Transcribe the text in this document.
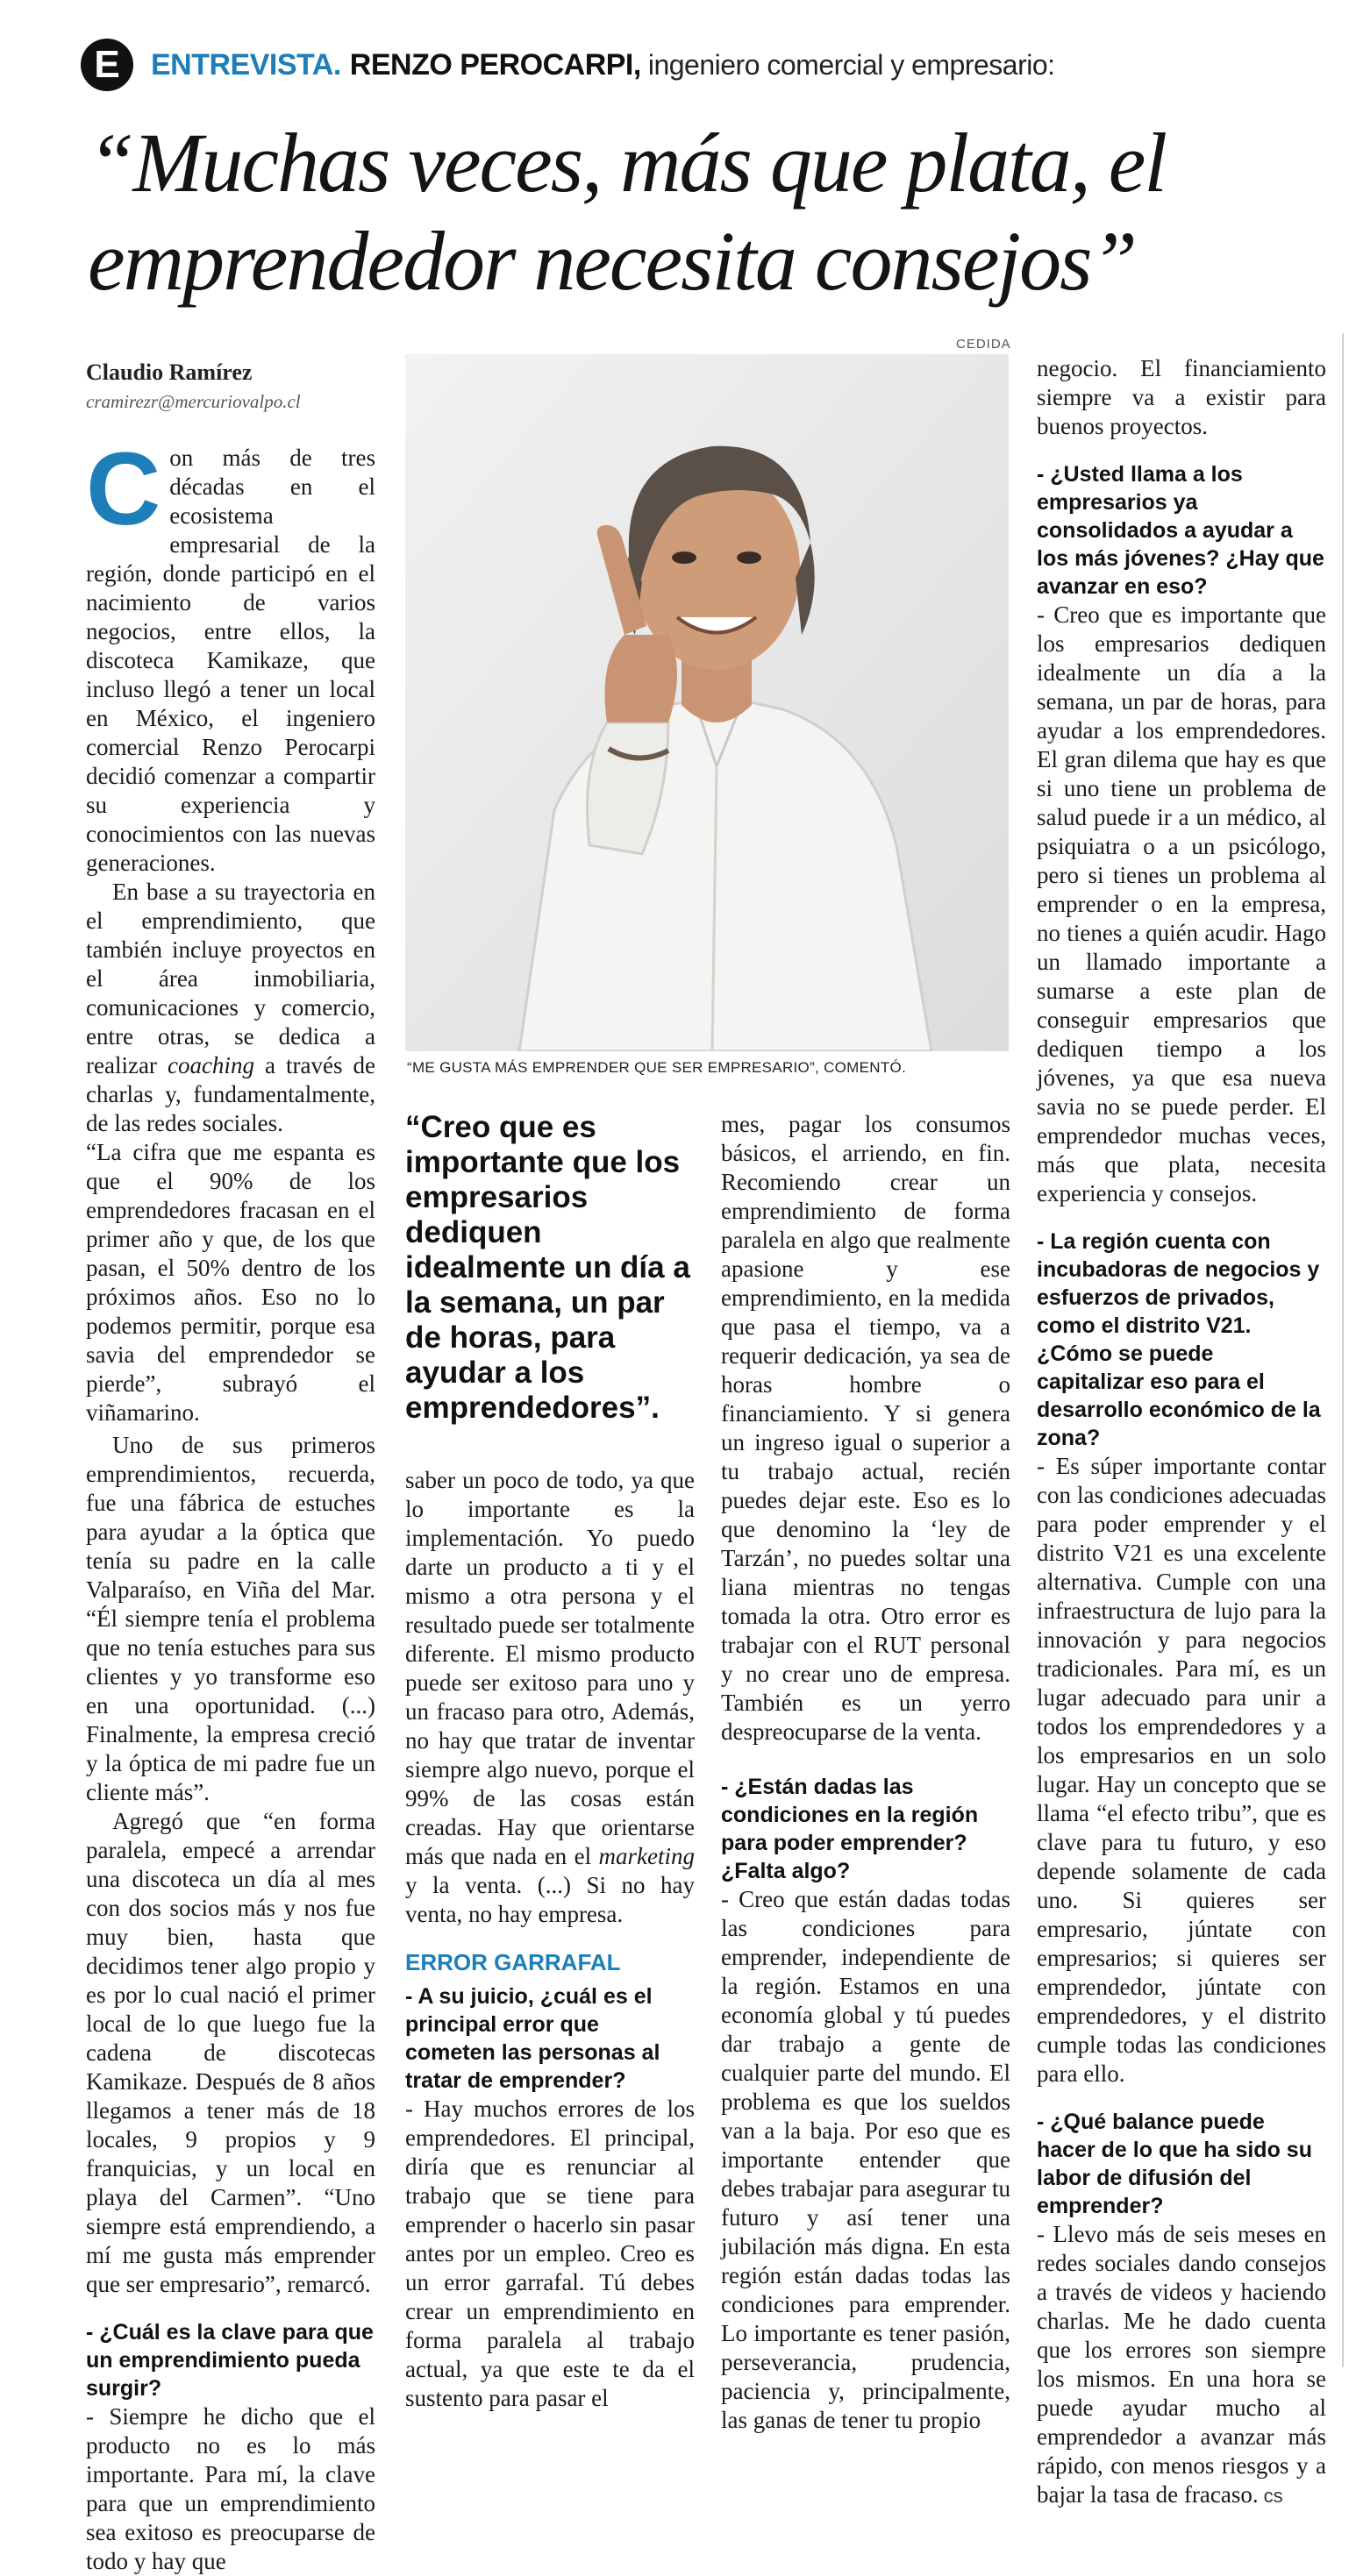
E	ENTREVISTA. RENZO PEROCARPI, ingeniero comercial y empresario:
“Muchas veces, más que plata, el emprendedor necesita consejos”
CEDIDA
Claudio Ramírez
cramirezr@mercuriovalpo.cl

Con más de tres décadas en el ecosistema empresarial de la región, donde participó en el nacimiento de varios negocios, entre ellos, la discoteca Kamikaze, que incluso llegó a tener un local en México, el ingeniero comercial Renzo Perocarpi decidió comenzar a compartir su experiencia y conocimientos con las nuevas generaciones.

En base a su trayectoria en el emprendimiento, que también incluye proyectos en el área inmobiliaria, comunicaciones y comercio, entre otras, se dedica a realizar coaching a través de charlas y, fundamentalmente, de las redes sociales.

“La cifra que me espanta es que el 90% de los emprendedores fracasan en el primer año y que, de los que pasan, el 50% dentro de los próximos años. Eso no lo podemos permitir, porque esa savia del emprendedor se pierde”, subrayó el viñamarino.

Uno de sus primeros emprendimientos, recuerda, fue una fábrica de estuches para ayudar a la óptica que tenía su padre en la calle Valparaíso, en Viña del Mar. “Él siempre tenía el problema que no tenía estuches para sus clientes y yo transforme eso en una oportunidad. (...) Finalmente, la empresa creció y la óptica de mi padre fue un cliente más”.

Agregó que “en forma paralela, empecé a arrendar una discoteca un día al mes con dos socios más y nos fue muy bien, hasta que decidimos tener algo propio y es por lo cual nació el primer local de lo que luego fue la cadena de discotecas Kamikaze. Después de 8 años llegamos a tener más de 18 locales, 9 propios y 9 franquicias, y un local en playa del Carmen”. “Uno siempre está emprendiendo, a mí me gusta más emprender que ser empresario”, remarcó.

- ¿Cuál es la clave para que un emprendimiento pueda surgir?

- Siempre he dicho que el producto no es lo más importante. Para mí, la clave para que un emprendimiento sea exitoso es preocuparse de todo y hay que

“ME GUSTA MÁS EMPRENDER QUE SER EMPRESARIO”, COMENTÓ.
“Creo que es importante que los empresarios dediquen idealmente un día a la semana, un par de horas, para ayudar a los emprendedores”.

saber un poco de todo, ya que lo importante es la implementación. Yo puedo darte un producto a ti y el mismo a otra persona y el resultado puede ser totalmente diferente. El mismo producto puede ser exitoso para uno y un fracaso para otro, Además, no hay que tratar de inventar siempre algo nuevo, porque el 99% de las cosas están creadas. Hay que orientarse más que nada en el marketing y la venta. (...) Si no hay venta, no hay empresa.

ERROR GARRAFAL
- A su juicio, ¿cuál es el principal error que cometen las personas al tratar de emprender?

- Hay muchos errores de los emprendedores. El principal, diría que es renunciar al trabajo que se tiene para emprender o hacerlo sin pasar antes por un empleo. Creo es un error garrafal. Tú debes crear un emprendimiento en forma paralela al trabajo actual, ya que este te da el sustento para pasar el

mes, pagar los consumos básicos, el arriendo, en fin. Recomiendo crear un emprendimiento de forma paralela en algo que realmente apasione y ese emprendimiento, en la medida que pasa el tiempo, va a requerir dedicación, ya sea de horas hombre o financiamiento. Y si genera un ingreso igual o superior a tu trabajo actual, recién puedes dejar este. Eso es lo que denomino la ‘ley de Tarzán’, no puedes soltar una liana mientras no tengas tomada la otra. Otro error es trabajar con el RUT personal y no crear uno de empresa. También es un yerro despreocuparse de la venta.

- ¿Están dadas las condiciones en la región para poder emprender? ¿Falta algo?

- Creo que están dadas todas las condiciones para emprender, independiente de la región. Estamos en una economía global y tú puedes dar trabajo a gente de cualquier parte del mundo. El problema es que los sueldos van a la baja. Por eso que es importante entender que debes trabajar para asegurar tu futuro y así tener una jubilación más digna. En esta región están dadas todas las condiciones para emprender. Lo importante es tener pasión, perseverancia, prudencia, paciencia y, principalmente, las ganas de tener tu propio

negocio. El financiamiento siempre va a existir para buenos proyectos.

- ¿Usted llama a los empresarios ya consolidados a ayudar a los más jóvenes? ¿Hay que avanzar en eso?

- Creo que es importante que los empresarios dediquen idealmente un día a la semana, un par de horas, para ayudar a los emprendedores. El gran dilema que hay es que si uno tiene un problema de salud puede ir a un médico, al psiquiatra o a un psicólogo, pero si tienes un problema al emprender o en la empresa, no tienes a quién acudir. Hago un llamado importante a sumarse a este plan de conseguir empresarios que dediquen tiempo a los jóvenes, ya que esa nueva savia no se puede perder. El emprendedor muchas veces, más que plata, necesita experiencia y consejos.

- La región cuenta con incubadoras de negocios y esfuerzos de privados, como el distrito V21. ¿Cómo se puede capitalizar eso para el desarrollo económico de la zona?

- Es súper importante contar con las condiciones adecuadas para poder emprender y el distrito V21 es una excelente alternativa. Cumple con una infraestructura de lujo para la innovación y para negocios tradicionales. Para mí, es un lugar adecuado para unir a todos los emprendedores y a los empresarios en un solo lugar. Hay un concepto que se llama “el efecto tribu”, que es clave para tu futuro, y eso depende solamente de cada uno. Si quieres ser empresario, júntate con empresarios; si quieres ser emprendedor, júntate con emprendedores, y el distrito cumple todas las condiciones para ello.

- ¿Qué balance puede hacer de lo que ha sido su labor de difusión del emprender?

- Llevo más de seis meses en redes sociales dando consejos a través de videos y haciendo charlas. Me he dado cuenta que los errores son siempre los mismos. En una hora se puede ayudar mucho al emprendedor a avanzar más rápido, con menos riesgos y a bajar la tasa de fracaso. cs
